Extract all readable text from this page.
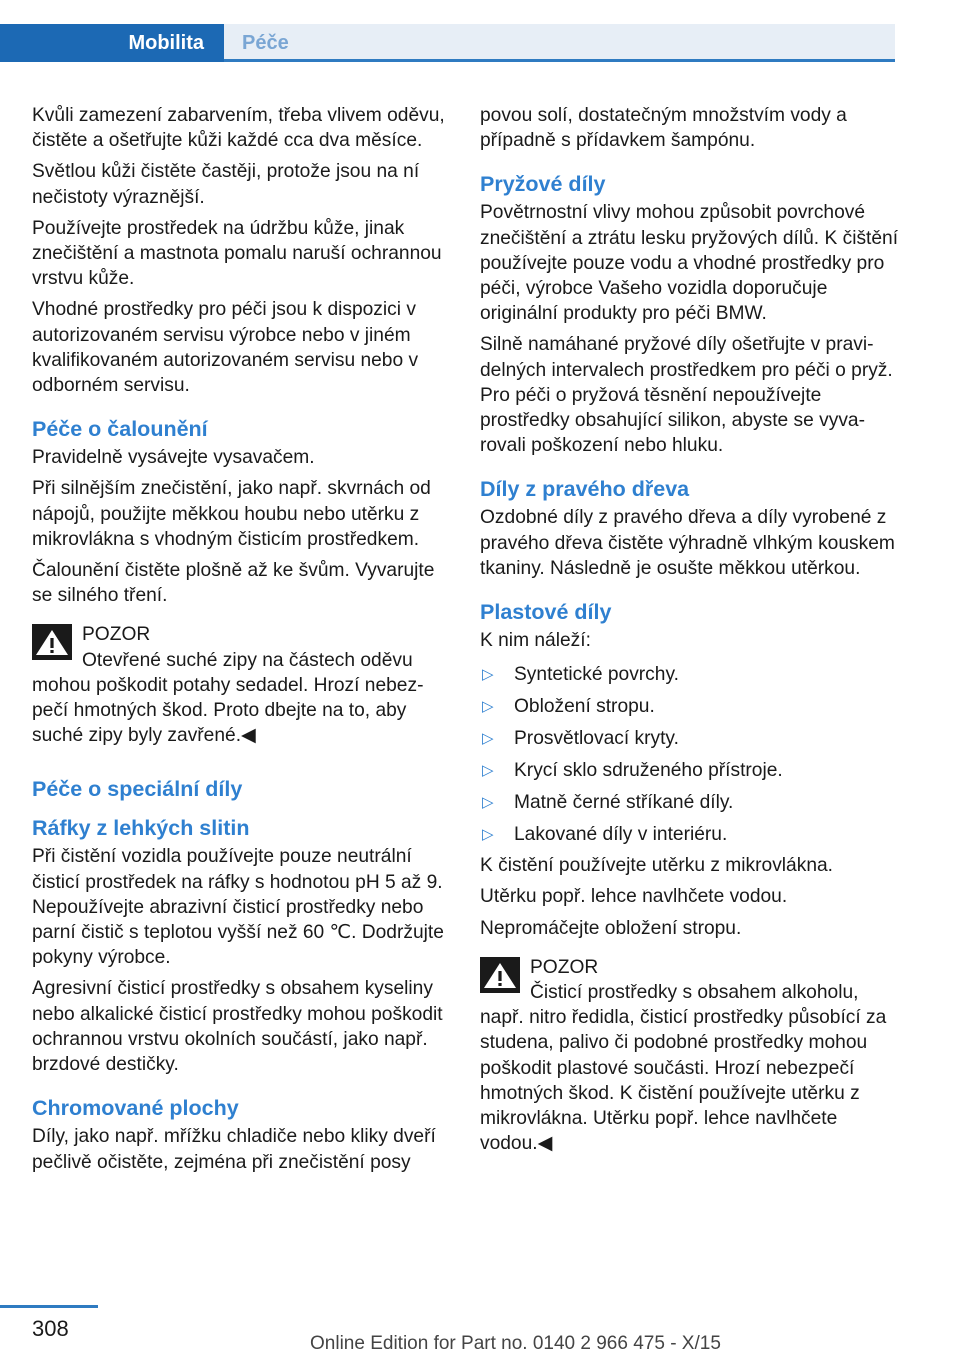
Mobilita	Péče

Kvůli zamezení zabarvením, třeba vlivem oděvu, čistěte a ošetřujte kůži každé cca dva měsíce.

Světlou kůži čistěte častěji, protože jsou na ní nečistoty výraznější.

Používejte prostředek na údržbu kůže, jinak znečištění a mastnota pomalu naruší ochrannou vrstvu kůže.

Vhodné prostředky pro péči jsou k dispozici v autorizovaném servisu výrobce nebo v jiném kvalifikovaném autorizovaném servisu nebo v odborném servisu.

Péče o čalounění

Pravidelně vysávejte vysavačem.

Při silnějším znečistění, jako např. skvrnách od nápojů, použijte měkkou houbu nebo utěrku z mikrovlákna s vhodným čisticím prostředkem.

Čalounění čistěte plošně až ke švům. Vyvarujte se silného tření.

POZOR
Otevřené suché zipy na částech oděvu
mohou poškodit potahy sedadel. Hrozí nebezpečí hmotných škod. Proto dbejte na to, aby suché zipy byly zavřené.◀
Péče o speciální díly
Ráfky z lehkých slitin

Při čistění vozidla používejte pouze neutrální čisticí prostředek na ráfky s hodnotou pH 5 až 9. Nepoužívejte abrazivní čisticí prostředky nebo parní čistič s teplotou vyšší než 60 ℃. Dodržujte pokyny výrobce.

Agresivní čisticí prostředky s obsahem kyseliny nebo alkalické čisticí prostředky mohou poškodit ochrannou vrstvu okolních součástí, jako např. brzdové destičky.

Chromované plochy

Díly, jako např. mřížku chladiče nebo kliky dveří pečlivě očistěte, zejména při znečistění posy

povou solí, dostatečným množstvím vody a případně s přídavkem šampónu.

Pryžové díly

Povětrnostní vlivy mohou způsobit povrchové znečištění a ztrátu lesku pryžových dílů. K čištění používejte pouze vodu a vhodné prostředky pro péči, výrobce Vašeho vozidla doporučuje originální produkty pro péči BMW.

Silně namáhané pryžové díly ošetřujte v pravidelných intervalech prostředkem pro péči o pryž. Pro péči o pryžová těsnění nepoužívejte prostředky obsahující silikon, abyste se vyvarovali poškození nebo hluku.

Díly z pravého dřeva

Ozdobné díly z pravého dřeva a díly vyrobené z pravého dřeva čistěte výhradně vlhkým kouskem tkaniny. Následně je osušte měkkou utěrkou.

Plastové díly

K nim náleží:

▷ Syntetické povrchy.
▷ Obložení stropu.
▷ Prosvětlovací kryty.
▷ Krycí sklo sdruženého přístroje.
▷ Matně černé stříkané díly.
▷ Lakované díly v interiéru.

K čistění používejte utěrku z mikrovlákna.

Utěrku popř. lehce navlhčete vodou.

Nepromáčejte obložení stropu.

POZOR
Čisticí prostředky s obsahem alkoholu,
např. nitro ředidla, čisticí prostředky působící za studena, palivo či podobné prostředky mohou poškodit plastové součásti. Hrozí nebezpečí hmotných škod. K čistění používejte utěrku z mikrovlákna. Utěrku popř. lehce navlhčete vodou.◀
308
Online Edition for Part no. 0140 2 966 475 - X/15
